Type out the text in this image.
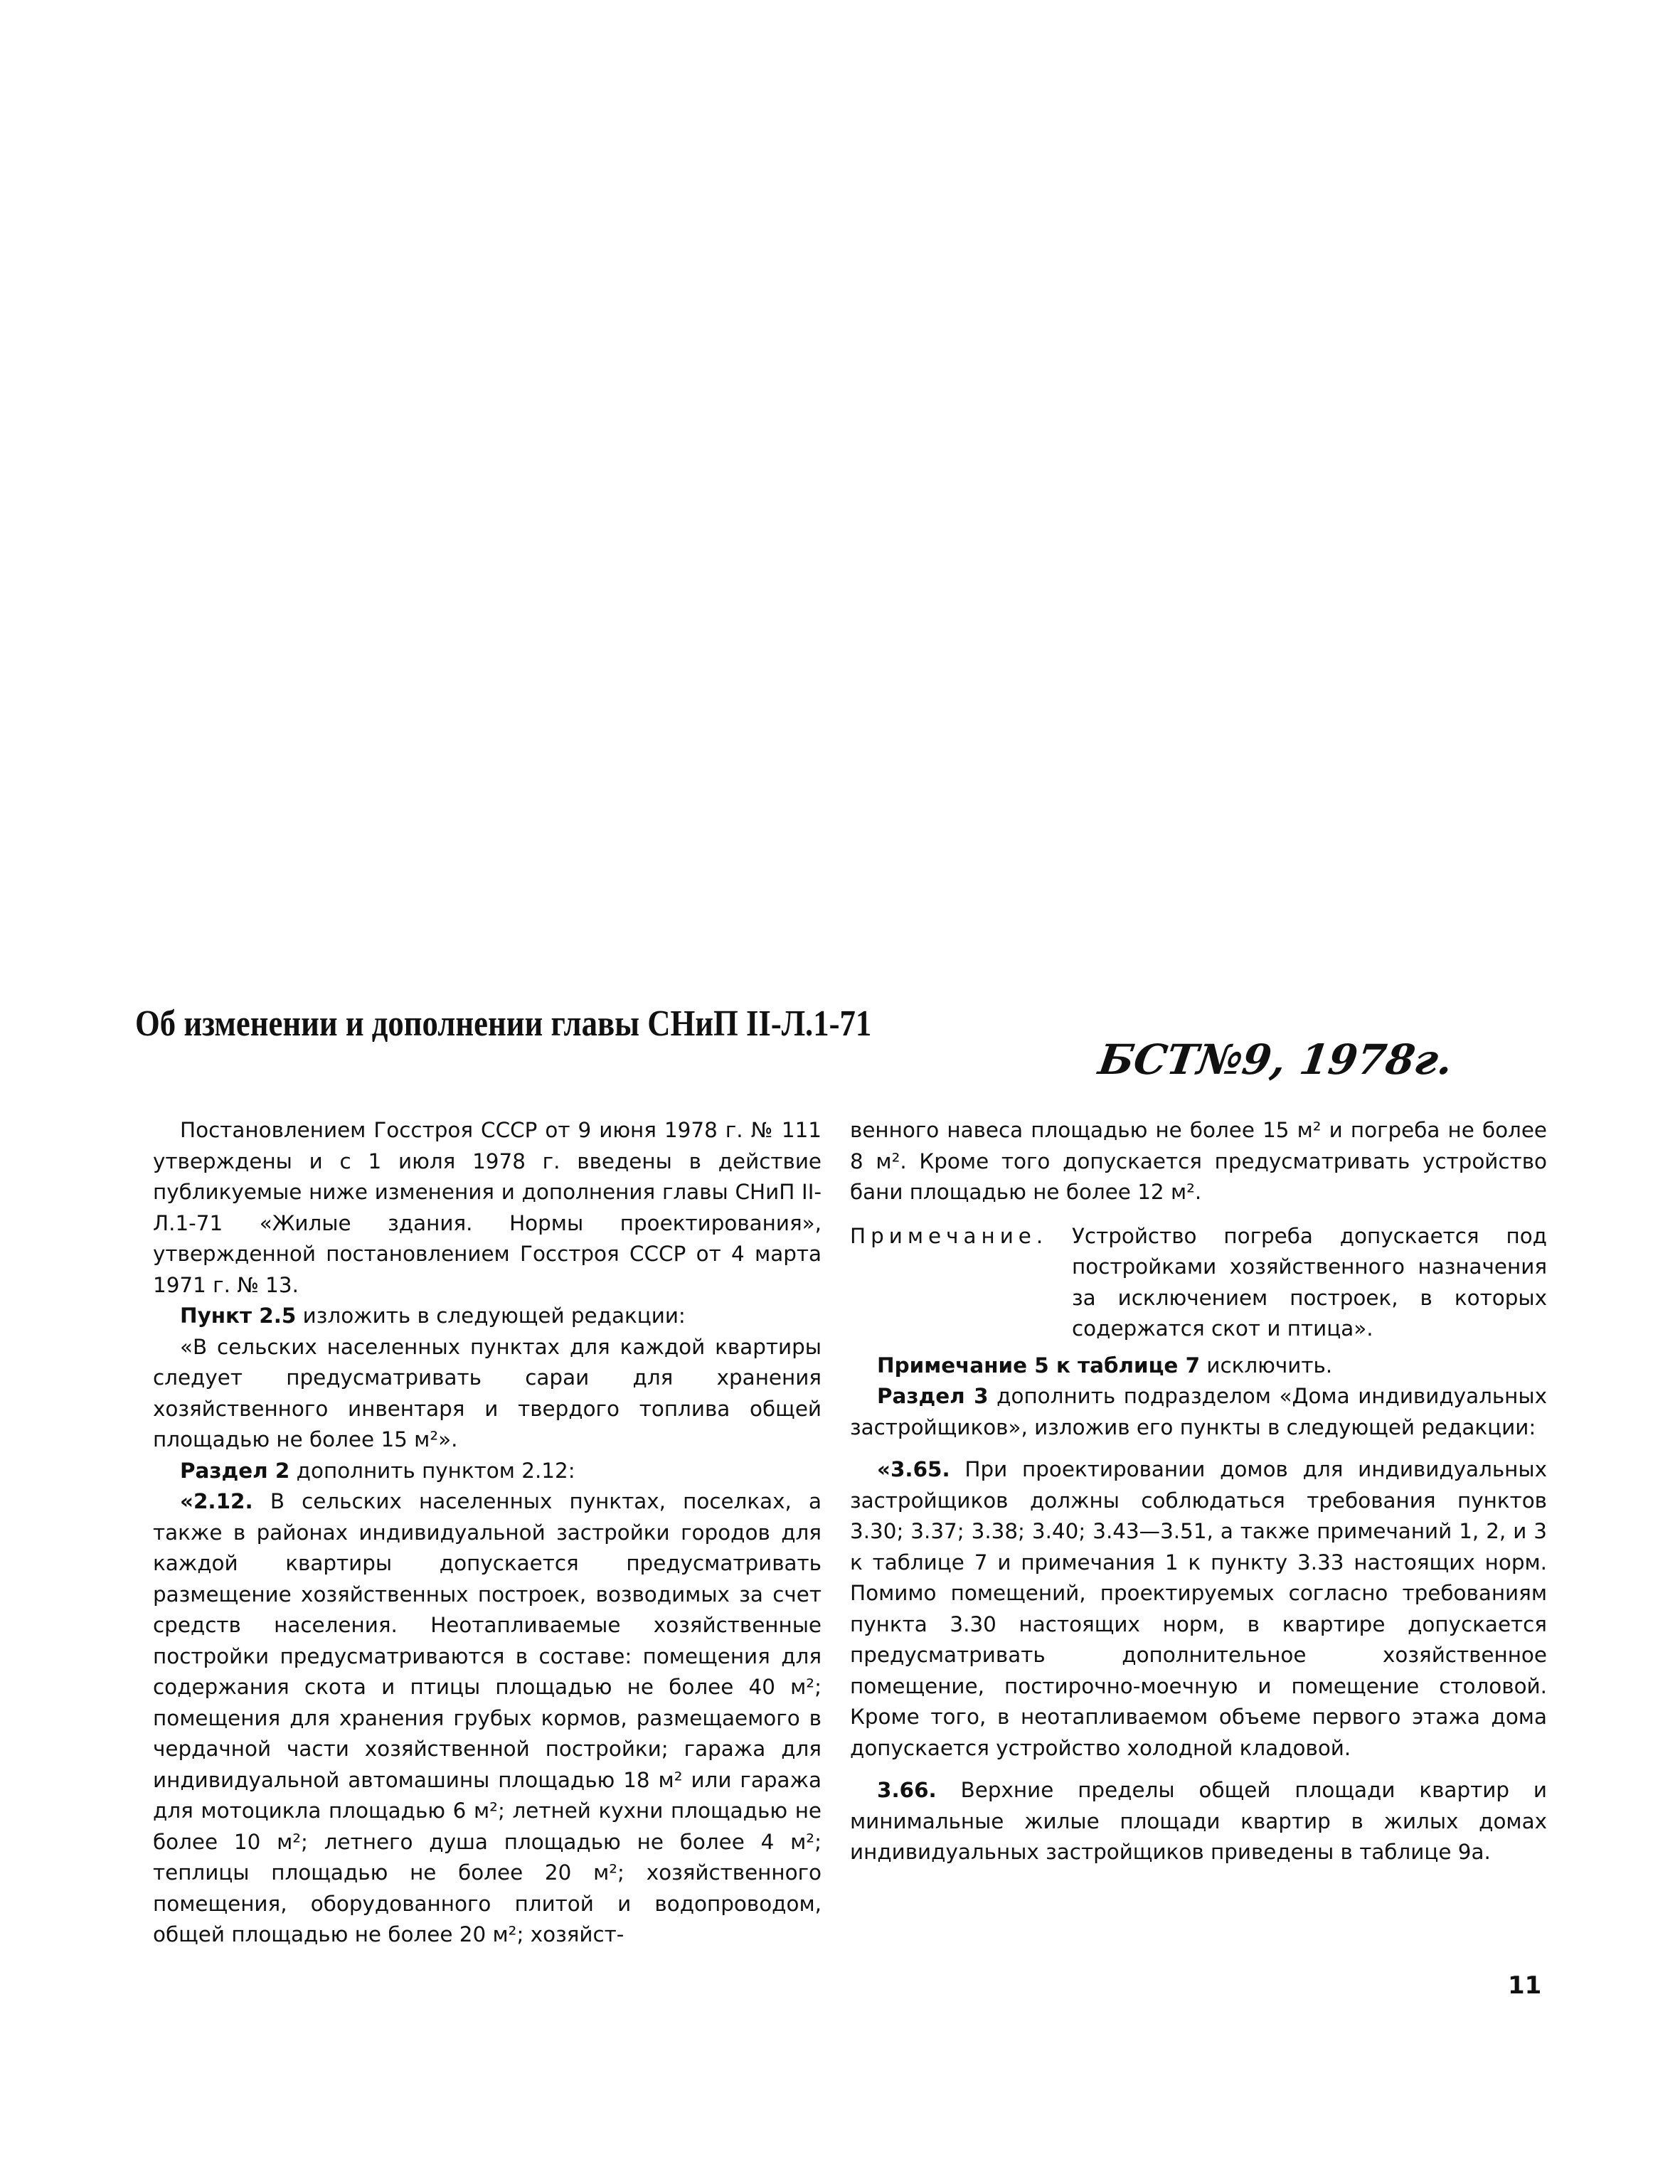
Об изменении и дополнении главы СНиП II-Л.1-71
БСТ№9, 1978г.

Постановлением Госстроя СССР от 9 июня 1978 г. № 111 утверждены и с 1 июля 1978 г. введены в действие публикуемые ниже изменения и дополнения главы СНиП II-Л.1-71 «Жилые здания. Нормы проектирования», утвержденной постановлением Госстроя СССР от 4 марта 1971 г. № 13.

Пункт 2.5 изложить в следующей редакции:

«В сельских населенных пунктах для каждой квартиры следует предусматривать сараи для хранения хозяйственного инвентаря и твердого топлива общей площадью не более 15 м²».

Раздел 2 дополнить пунктом 2.12:

«2.12. В сельских населенных пунктах, поселках, а также в районах индивидуальной застройки городов для каждой квартиры допускается предусматривать размещение хозяйственных построек, возводимых за счет средств населения. Неотапливаемые хозяйственные постройки предусматриваются в составе: помещения для содержания скота и птицы площадью не более 40 м²; помещения для хранения грубых кормов, размещаемого в чердачной части хозяйственной постройки; гаража для индивидуальной автомашины площадью 18 м² или гаража для мотоцикла площадью 6 м²; летней кухни площадью не более 10 м²; летнего душа площадью не более 4 м²; теплицы площадью не более 20 м²; хозяйственного помещения, оборудованного плитой и водопроводом, общей площадью не более 20 м²; хозяйст-

венного навеса площадью не более 15 м² и погреба не более 8 м². Кроме того допускается предусматривать устройство бани площадью не более 12 м².

Примечание.	Устройство погреба допускается под постройками хозяйственного назначения за исключением построек, в которых содержатся скот и птица».

Примечание 5 к таблице 7 исключить.

Раздел 3 дополнить подразделом «Дома индивидуальных застройщиков», изложив его пункты в следующей редакции:

«3.65. При проектировании домов для индивидуальных застройщиков должны соблюдаться требования пунктов 3.30; 3.37; 3.38; 3.40; 3.43—3.51, а также примечаний 1, 2, и 3 к таблице 7 и примечания 1 к пункту 3.33 настоящих норм. Помимо помещений, проектируемых согласно требованиям пункта 3.30 настоящих норм, в квартире допускается предусматривать дополнительное хозяйственное помещение, постирочно-моечную и помещение столовой. Кроме того, в неотапливаемом объеме первого этажа дома допускается устройство холодной кладовой.

3.66. Верхние пределы общей площади квартир и минимальные жилые площади квартир в жилых домах индивидуальных застройщиков приведены в таблице 9а.

11
